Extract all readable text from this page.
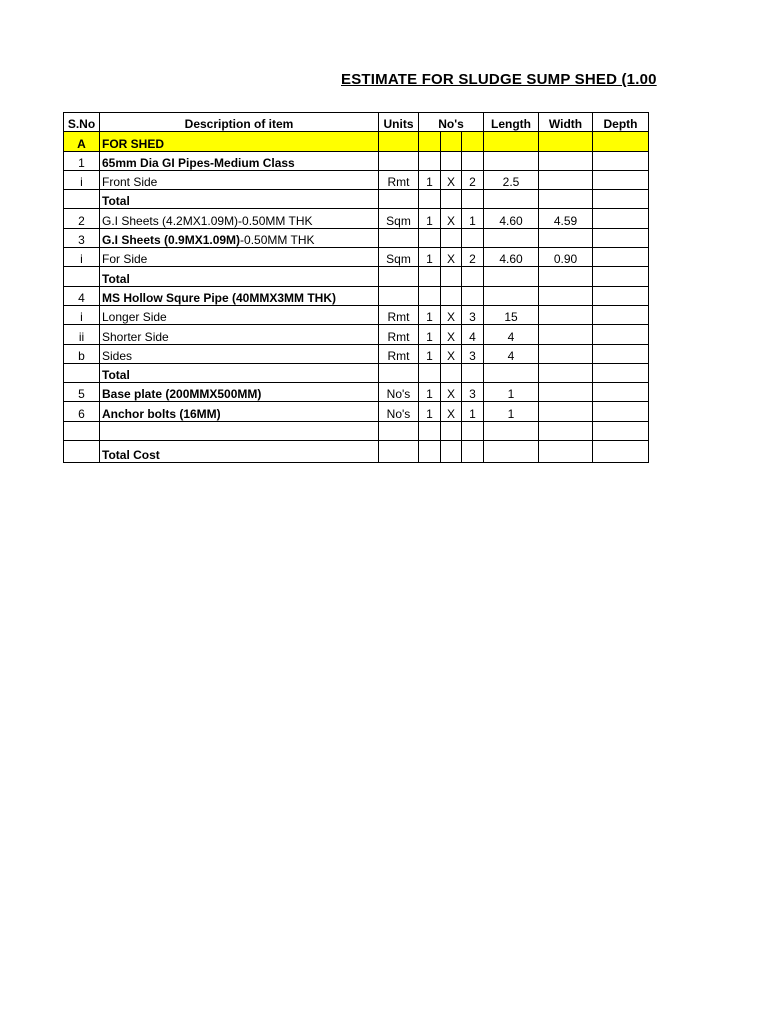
ESTIMATE FOR SLUDGE SUMP SHED (1.00
S.No	Description of item	Units	No's			Length	Width	Depth
A	FOR SHED							
1	65mm Dia GI Pipes-Medium Class							
i	Front Side	Rmt	1	X	2	2.5		
	Total							
2	G.I Sheets (4.2MX1.09M)-0.50MM THK	Sqm	1	X	1	4.60	4.59	
3	G.I Sheets (0.9MX1.09M)-0.50MM THK							
i	For Side	Sqm	1	X	2	4.60	0.90	
	Total							
4	MS Hollow Squre Pipe (40MMX3MM THK)							
i	Longer Side	Rmt	1	X	3	15		
ii	Shorter Side	Rmt	1	X	4	4		
b	Sides	Rmt	1	X	3	4		
	Total							
5	Base plate (200MMX500MM)	No's	1	X	3	1		
6	Anchor bolts (16MM)	No's	1	X	1	1		

	Total Cost							
